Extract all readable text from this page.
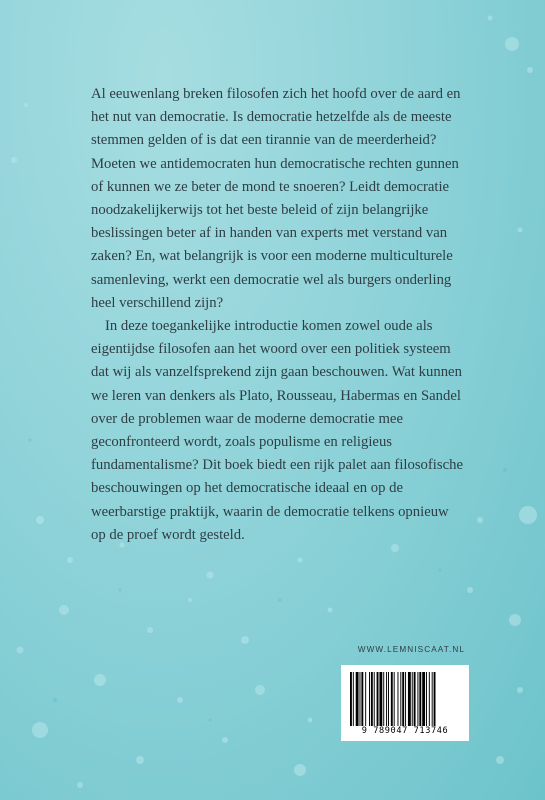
Al eeuwenlang breken filosofen zich het hoofd over de aard en het nut van democratie. Is democratie hetzelfde als de meeste stemmen gelden of is dat een tirannie van de meerderheid? Moeten we antidemocraten hun democratische rechten gunnen of kunnen we ze beter de mond te snoeren? Leidt democratie noodzakelijkerwijs tot het beste beleid of zijn belangrijke beslissingen beter af in handen van experts met verstand van zaken? En, wat belangrijk is voor een moderne multiculturele samenleving, werkt een democratie wel als burgers onderling heel verschillend zijn?

In deze toegankelijke introductie komen zowel oude als eigentijdse filosofen aan het woord over een politiek systeem dat wij als vanzelfsprekend zijn gaan beschouwen. Wat kunnen we leren van denkers als Plato, Rousseau, Habermas en Sandel over de problemen waar de moderne democratie mee geconfronteerd wordt, zoals populisme en religieus fundamentalisme? Dit boek biedt een rijk palet aan filosofische beschouwingen op het democratische ideaal en op de weerbarstige praktijk, waarin de democratie telkens opnieuw op de proef wordt gesteld.

WWW.LEMNISCAAT.NL
9 789047 713746
